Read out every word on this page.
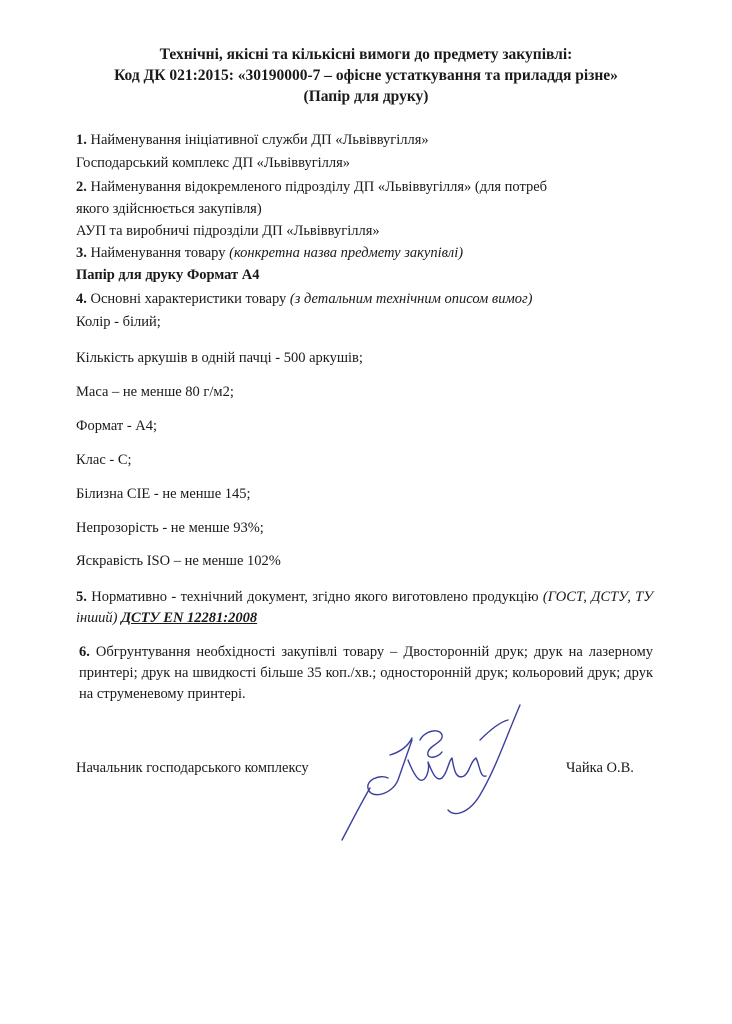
Технічні, якісні та кількісні вимоги до предмету закупівлі:
Код ДК 021:2015: «30190000-7 – офісне устаткування та приладдя різне»
(Папір для друку)
1. Найменування ініціативної служби ДП «Львіввугілля»
Господарський комплекс ДП «Львіввугілля»
2. Найменування відокремленого підрозділу ДП «Львіввугілля» (для потреб
якого здійснюється закупівля)
АУП та виробничі підрозділи ДП «Львіввугілля»
3. Найменування товару (конкретна назва предмету закупівлі)
Папір для друку Формат А4
4. Основні характеристики товару (з детальним технічним описом вимог)
Колір - білий;
Кількість аркушів в одній пачці - 500 аркушів;
Маса – не менше 80 г/м2;
Формат - А4;
Клас - С;
Білизна CIE - не менше 145;
Непрозорість - не менше 93%;
Яскравість ISO – не менше 102%
5. Нормативно - технічний документ, згідно якого виготовлено продукцію (ГОСТ, ДСТУ, ТУ інший) ДСТУ EN 12281:2008
6. Обгрунтування необхідності закупівлі товару – Двосторонній друк; друк на лазерному принтері; друк на швидкості більше 35 коп./хв.; односторонній друк; кольоровий друк; друк на струменевому принтері.
Начальник господарського комплексу	Чайка О.В.
